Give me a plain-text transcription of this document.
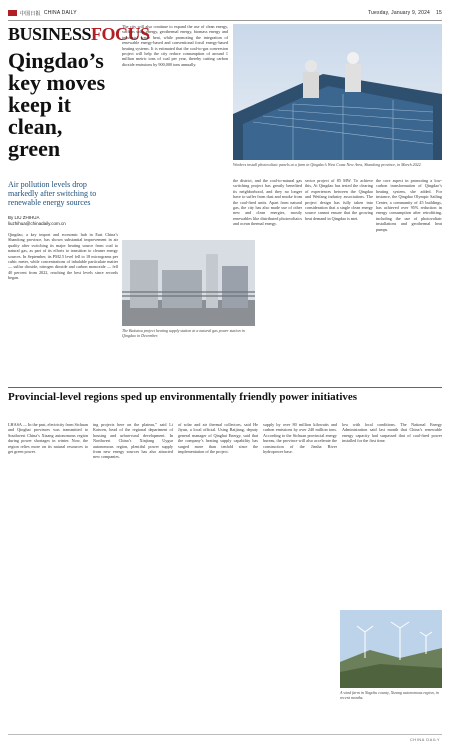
中国日报 CHINA DAILY	Tuesday, January 9, 2024 15
BUSINESSFOCUS
Qingdao’s key moves keep it clean, green
Air pollution levels drop markedly after switching to renewable energy sources
By LIU ZHIHUA
liuzhihua@chinadaily.com.cn
Qingdao, a key import and economic hub in East China’s Shandong province, has shown substantial improvement in air quality after switching its major heating source from coal to natural gas, as part of its efforts to transition to cleaner energy sources. In September, its PM2.5 level fell to 18 micrograms per cubic meter, while concentrations of inhalable particulate matter — sulfur dioxide, nitrogen dioxide and carbon monoxide — fell 40 percent from 2022, reaching the best levels since records began.
The city will also continue to expand the use of clean energy, such as solar energy, geothermal energy, biomass energy and industrial waste heat, while promoting the integration of renewable energy-based and conventional fossil energy-based heating systems. It is estimated that the coal-to-gas conversion project will help the city reduce consumption of around 1 million metric tons of coal per year, thereby cutting carbon dioxide emissions by 900,000 tons annually.
Workers install photovoltaic panels at a farm in Qingdao’s West Coast New Area, Shandong province, in March 2022.
the district, and the coal-to-natural gas switching project has greatly benefited its neighborhood, and they no longer have to suffer from dust and smoke from the coal-fired units. Apart from natural gas, the city has also made use of other new and clean energies, mostly renewables like distributed photovoltaics and ocean thermal energy.
sector project of 85 MW. To achieve this, Ai Qingdao has tested the clearing of experiences between the Qingdao and Weifang industry associations. The project design has fully taken into consideration that a single clean energy source cannot ensure that the growing heat demand in Qingdao is met.
the core aspect in promoting a low-carbon transformation of Qingdao’s heating system, she added. For instance, the Qingdao Olympic Sailing Center, a community of 45 buildings, has achieved over 95% reduction in energy consumption after retrofitting, including the use of photovoltaic installations and geothermal heat pumps.
The Baitutou project heating supply station at a natural gas power station in Qingdao in December.
Provincial-level regions sped up environmentally friendly power initiatives
LHASA — In the past, electricity from Sichuan and Qinghai provinces was transmitted to Southwest China’s Xizang autonomous region during power shortages in winter. Now, the region relies more on its natural resources to get green power.
ing projects here on the plateau,” said Li Kaiwen, head of the regional department of housing and urban-rural development. In Northwest China’s Xinjiang Uygur autonomous region, plentiful power supply from new energy sources has also attracted new companies.
of solar and air thermal collectors, said He Jiyun, a local official. Using Baijiang, deputy general manager of Qinghai Energy, said that the company’s heating supply capability has surged more than tenfold since the implementation of the project.
supply by over 80 million kilowatts and carbon emissions by over 240 million tons. According to the Sichuan provincial energy bureau, the province will also accelerate the construction of the Jinsha River hydropower base.
low with local conditions. The National Energy Administration said last month that China’s renewable energy capacity had surpassed that of coal-fired power installed for the first time.
A wind farm in Nagchu county, Xizang autonomous region, in recent months.
CHINA DAILY
